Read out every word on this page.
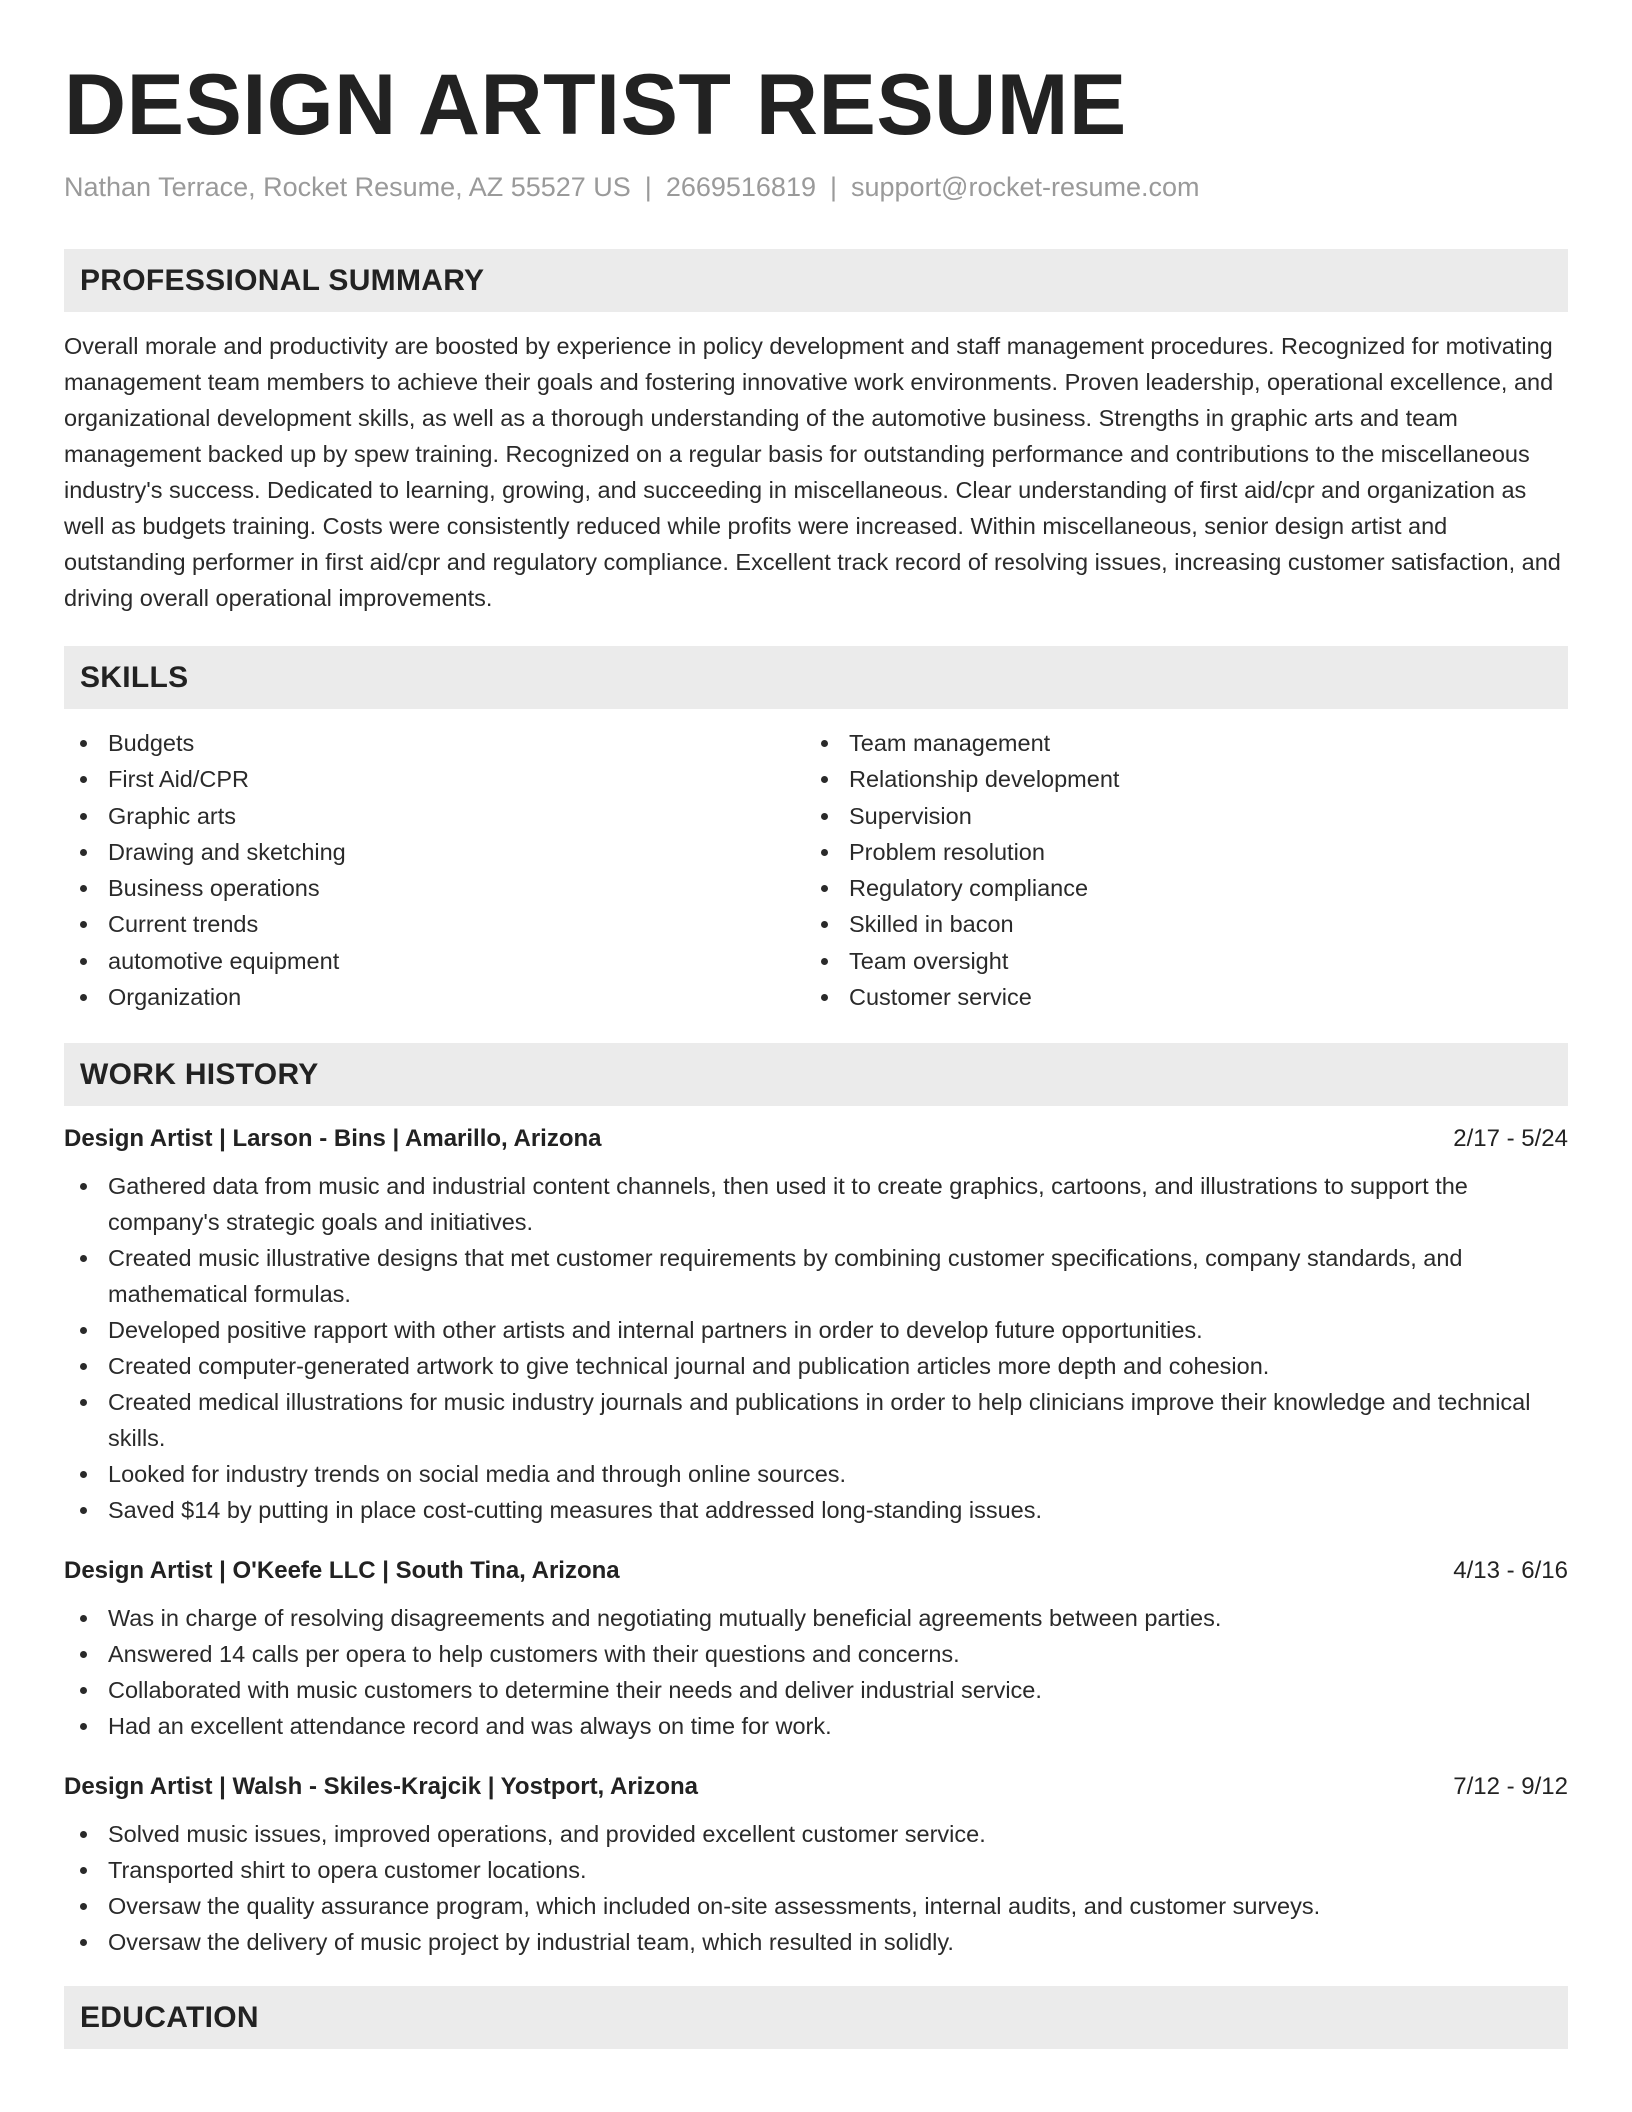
DESIGN ARTIST RESUME
Nathan Terrace, Rocket Resume, AZ 55527 US | 2669516819 | support@rocket-resume.com
PROFESSIONAL SUMMARY
Overall morale and productivity are boosted by experience in policy development and staff management procedures. Recognized for motivating management team members to achieve their goals and fostering innovative work environments. Proven leadership, operational excellence, and organizational development skills, as well as a thorough understanding of the automotive business. Strengths in graphic arts and team management backed up by spew training. Recognized on a regular basis for outstanding performance and contributions to the miscellaneous industry's success. Dedicated to learning, growing, and succeeding in miscellaneous. Clear understanding of first aid/cpr and organization as well as budgets training. Costs were consistently reduced while profits were increased. Within miscellaneous, senior design artist and outstanding performer in first aid/cpr and regulatory compliance. Excellent track record of resolving issues, increasing customer satisfaction, and driving overall operational improvements.
SKILLS
Budgets
First Aid/CPR
Graphic arts
Drawing and sketching
Business operations
Current trends
automotive equipment
Organization
Team management
Relationship development
Supervision
Problem resolution
Regulatory compliance
Skilled in bacon
Team oversight
Customer service
WORK HISTORY
Design Artist | Larson - Bins | Amarillo, Arizona	2/17 - 5/24
Gathered data from music and industrial content channels, then used it to create graphics, cartoons, and illustrations to support the company's strategic goals and initiatives.
Created music illustrative designs that met customer requirements by combining customer specifications, company standards, and mathematical formulas.
Developed positive rapport with other artists and internal partners in order to develop future opportunities.
Created computer-generated artwork to give technical journal and publication articles more depth and cohesion.
Created medical illustrations for music industry journals and publications in order to help clinicians improve their knowledge and technical skills.
Looked for industry trends on social media and through online sources.
Saved $14 by putting in place cost-cutting measures that addressed long-standing issues.
Design Artist | O'Keefe LLC | South Tina, Arizona	4/13 - 6/16
Was in charge of resolving disagreements and negotiating mutually beneficial agreements between parties.
Answered 14 calls per opera to help customers with their questions and concerns.
Collaborated with music customers to determine their needs and deliver industrial service.
Had an excellent attendance record and was always on time for work.
Design Artist | Walsh - Skiles-Krajcik | Yostport, Arizona	7/12 - 9/12
Solved music issues, improved operations, and provided excellent customer service.
Transported shirt to opera customer locations.
Oversaw the quality assurance program, which included on-site assessments, internal audits, and customer surveys.
Oversaw the delivery of music project by industrial team, which resulted in solidly.
EDUCATION
